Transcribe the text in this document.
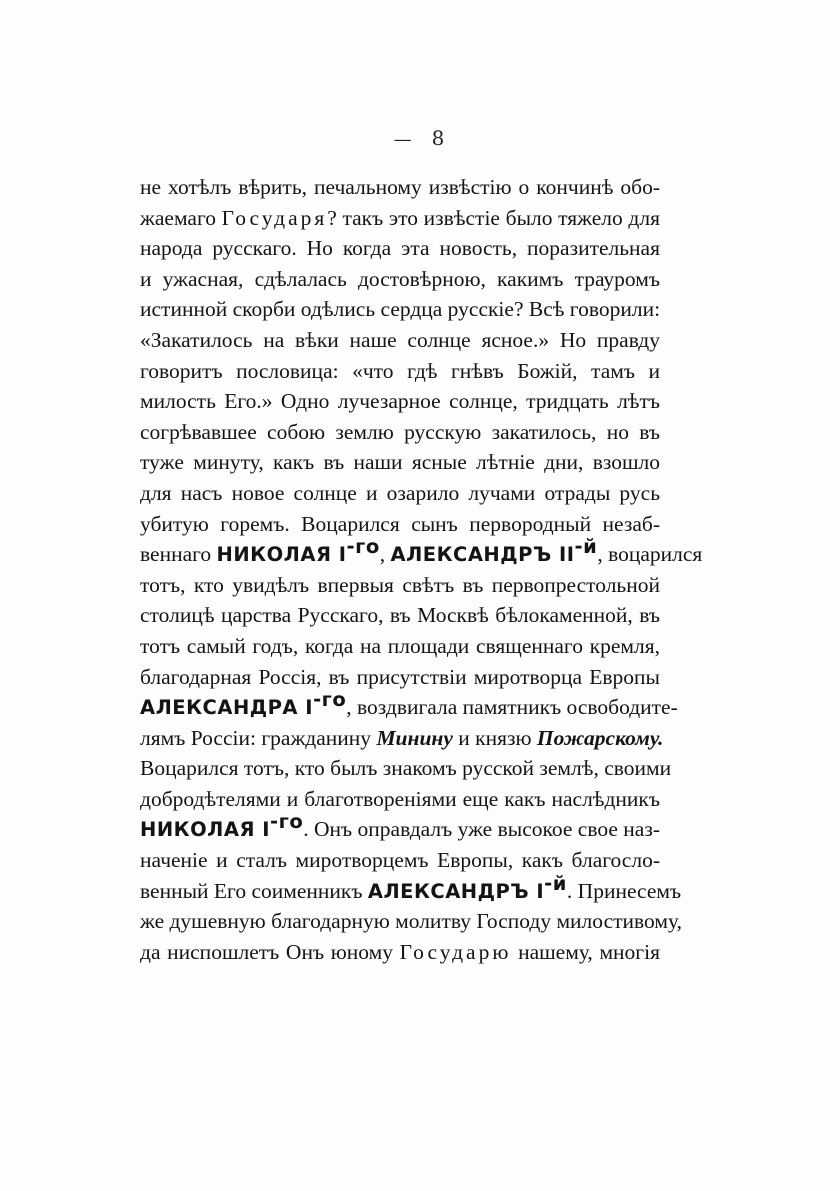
— 8

не хотѣлъ вѣрить, печальному извѣстію о кончинѣ обо-
жаемаго Государя? такъ это извѣстіе было тяжело для
народа русскаго. Но когда эта новость, поразительная
и ужасная, сдѣлалась достовѣрною, какимъ трауромъ
истинной скорби одѣлись сердца русскіе? Всѣ говорили:
«Закатилось на вѣки наше солнце ясное.» Но правду
говоритъ пословица: «что гдѣ гнѣвъ Божій, тамъ и
милость Его.» Одно лучезарное солнце, тридцать лѣтъ
согрѣвавшее собою землю русскую закатилось, но въ
тужe минуту, какъ въ наши ясные лѣтніе дни, взошло
для насъ новое солнце и озарило лучами отрады русь
убитую горемъ. Воцарился сынъ первородный незаб-
веннаго НИКОЛАЯ $I^{-го}$, АЛЕКСАНДРЪ $II^{-й}$, воцарился
тотъ, кто увидѣлъ впервыя свѣтъ въ первопрестольной
столицѣ царства Русскаго, въ Москвѣ бѣлокаменной, въ
тотъ самый годъ, когда на площади священнаго кремля,
благодарная Россія, въ присутствіи миротворца Европы
АЛЕКСАНДРА $I^{-го}$, воздвигала памятникъ освободите-
лямъ Россіи: гражданину Минину и князю Пожарскому.
Воцарился тотъ, кто былъ знакомъ русской землѣ, своими
добродѣтелями и благотвореніями еще какъ наслѣдникъ
НИКОЛАЯ $I^{-го}$. Онъ оправдалъ уже высокое свое наз-
наченіе и сталъ миротворцемъ Европы, какъ благосло-
венный Его соименникъ АЛЕКСАНДРЪ $I^{-й}$. Принесемъ
же душевную благодарную молитву Господу милостивому,
да ниспошлетъ Онъ юному Государю нашему, многія
